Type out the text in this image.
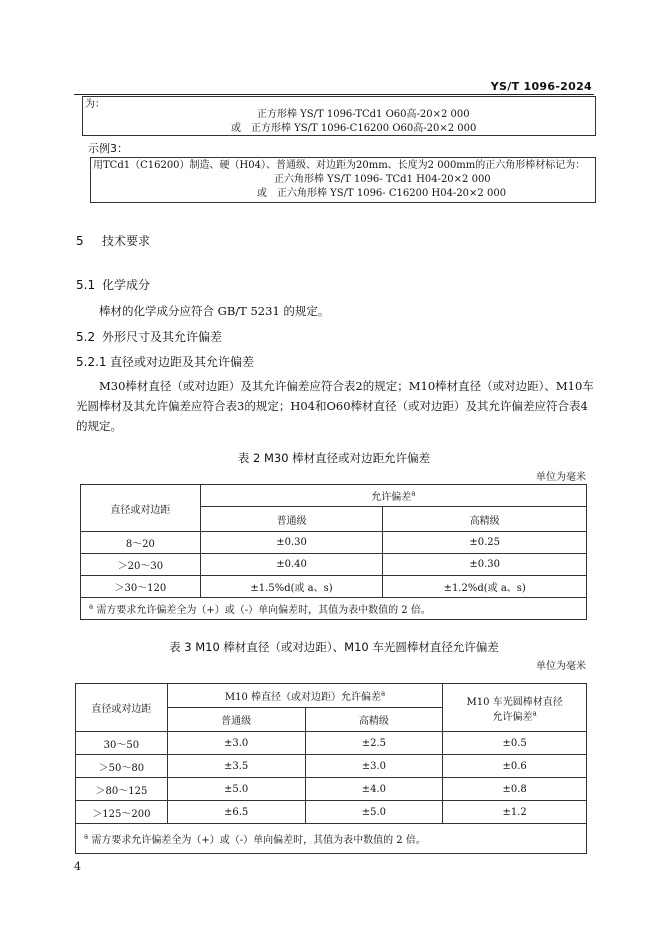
YS/T 1096-2024
为：
正方形棒 YS/T 1096-TCd1 O60高-20×2 000
或　正方形棒 YS/T 1096-C16200 O60高-20×2 000
示例3：
用TCd1（C16200）制造、硬（H04）、普通级、对边距为20mm、长度为2 000mm的正六角形棒材标记为：
正六角形棒 YS/T 1096- TCd1 H04-20×2 000
或　正六角形棒 YS/T 1096- C16200 H04-20×2 000
5 技术要求
5.1 化学成分
棒材的化学成分应符合 GB/T 5231 的规定。
5.2 外形尺寸及其允许偏差
5.2.1 直径或对边距及其允许偏差
M30棒材直径（或对边距）及其允许偏差应符合表2的规定；M10棒材直径（或对边距）、M10车光圆棒材及其允许偏差应符合表3的规定；H04和O60棒材直径（或对边距）及其允许偏差应符合表4的规定。
表 2 M30 棒材直径或对边距允许偏差
单位为毫米
直径或对边距	允许偏差$^a$
	普通级	高精级
8～20	±0.30	±0.25
＞20～30	±0.40	±0.30
＞30～120	±1.5%d(或 a、s)	±1.2%d(或 a、s)
$^a$ 需方要求允许偏差全为（+）或（-）单向偏差时，其值为表中数值的 2 倍。		
表 3 M10 棒材直径（或对边距）、M10 车光圆棒材直径允许偏差
单位为毫米
直径或对边距	M10 棒直径（或对边距）允许偏差$^a$		M10 车光圆棒材直径
允许偏差$^a$

	普通级	高精级	
30～50	±3.0	±2.5	±0.5
＞50～80	±3.5	±3.0	±0.6
＞80～125	±5.0	±4.0	±0.8
＞125～200	±6.5	±5.0	±1.2
$^a$ 需方要求允许偏差全为（+）或（-）单向偏差时，其值为表中数值的 2 倍。			
4
